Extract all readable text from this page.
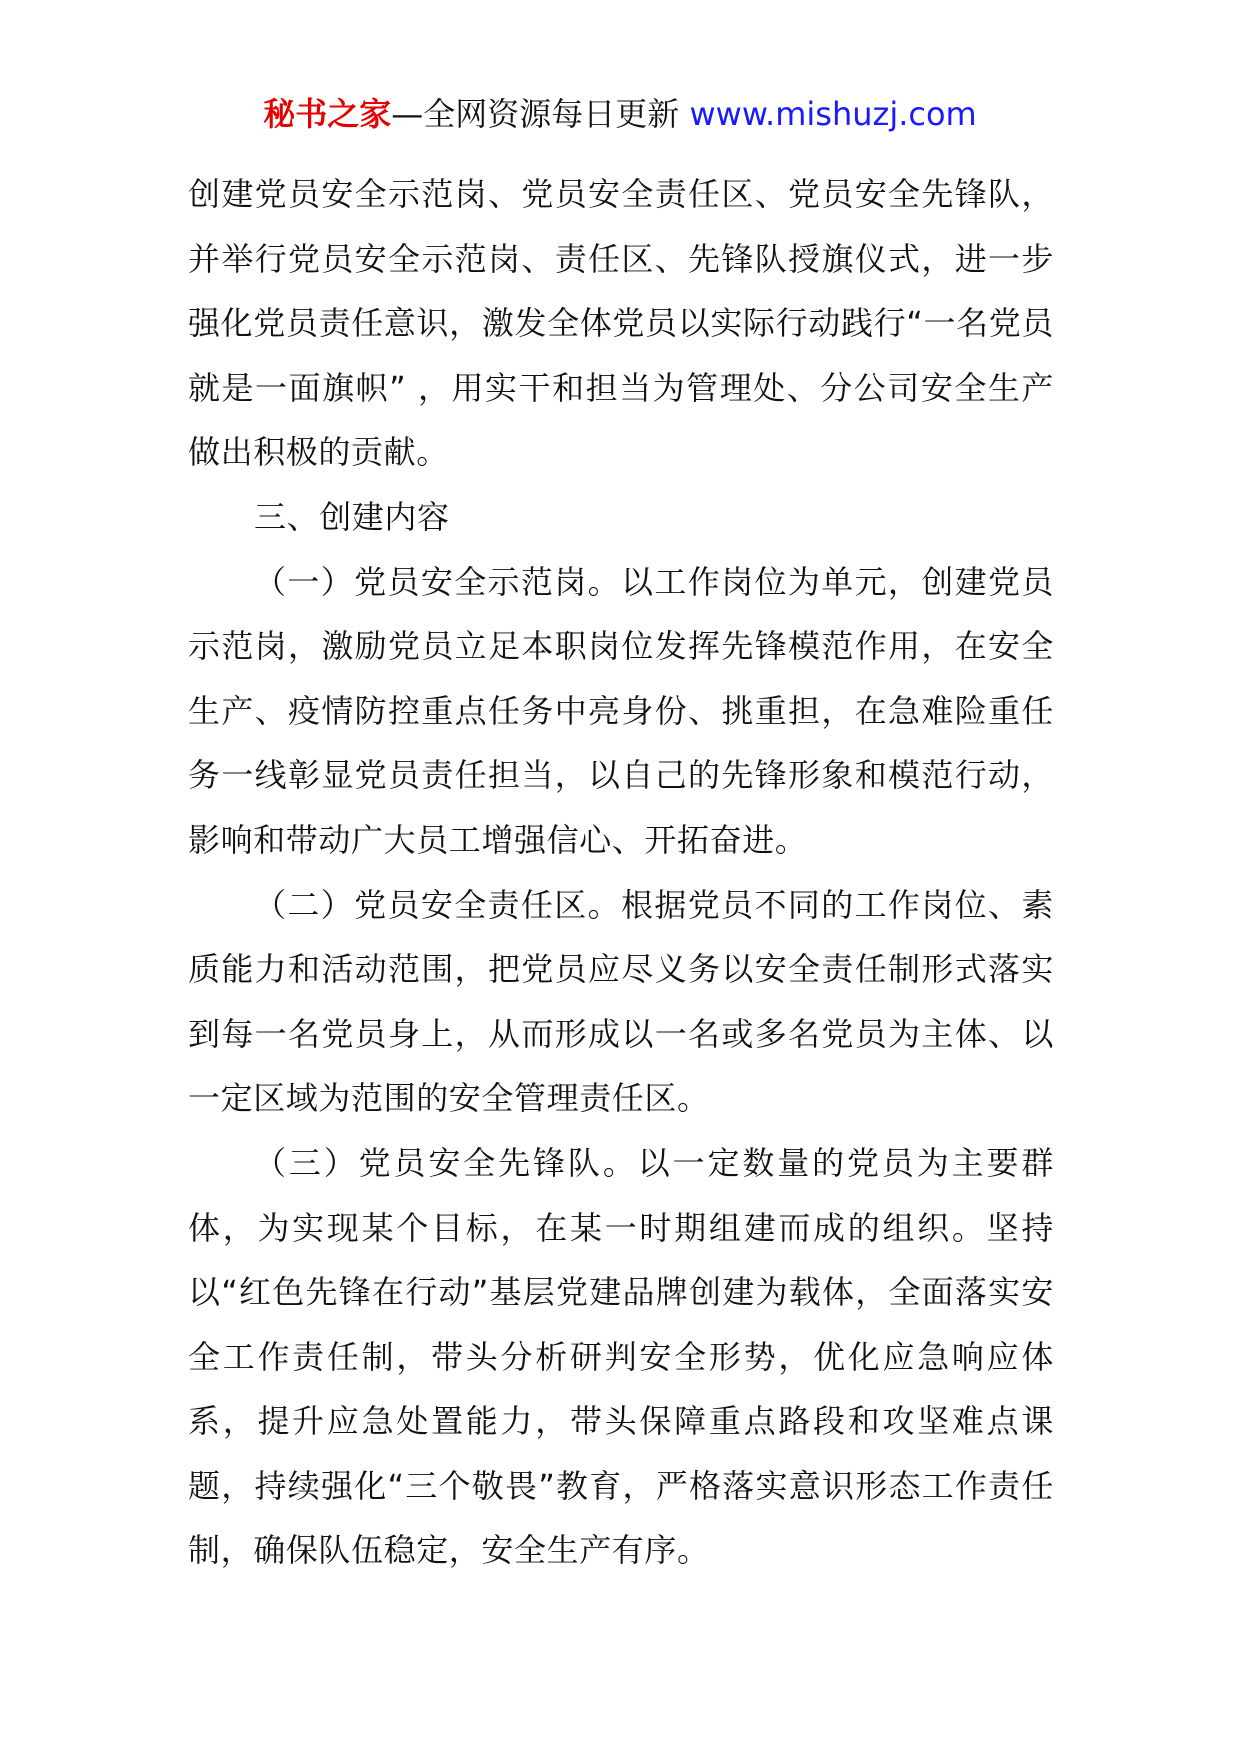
秘书之家—全网资源每日更新 www.mishuzj.com

创建党员安全示范岗、党员安全责任区、党员安全先锋队，并举行党员安全示范岗、责任区、先锋队授旗仪式，进一步强化党员责任意识，激发全体党员以实际行动践行“一名党员就是一面旗帜” ，用实干和担当为管理处、分公司安全生产做出积极的贡献。

三、创建内容

（一）党员安全示范岗。以工作岗位为单元，创建党员示范岗，激励党员立足本职岗位发挥先锋模范作用，在安全生产、疫情防控重点任务中亮身份、挑重担，在急难险重任务一线彰显党员责任担当，以自己的先锋形象和模范行动，影响和带动广大员工增强信心、开拓奋进。

（二）党员安全责任区。根据党员不同的工作岗位、素质能力和活动范围，把党员应尽义务以安全责任制形式落实到每一名党员身上，从而形成以一名或多名党员为主体、以一定区域为范围的安全管理责任区。

（三）党员安全先锋队。以一定数量的党员为主要群体，为实现某个目标，在某一时期组建而成的组织。坚持以“红色先锋在行动”基层党建品牌创建为载体，全面落实安全工作责任制，带头分析研判安全形势，优化应急响应体系，提升应急处置能力，带头保障重点路段和攻坚难点课题，持续强化“三个敬畏”教育，严格落实意识形态工作责任制，确保队伍稳定，安全生产有序。
